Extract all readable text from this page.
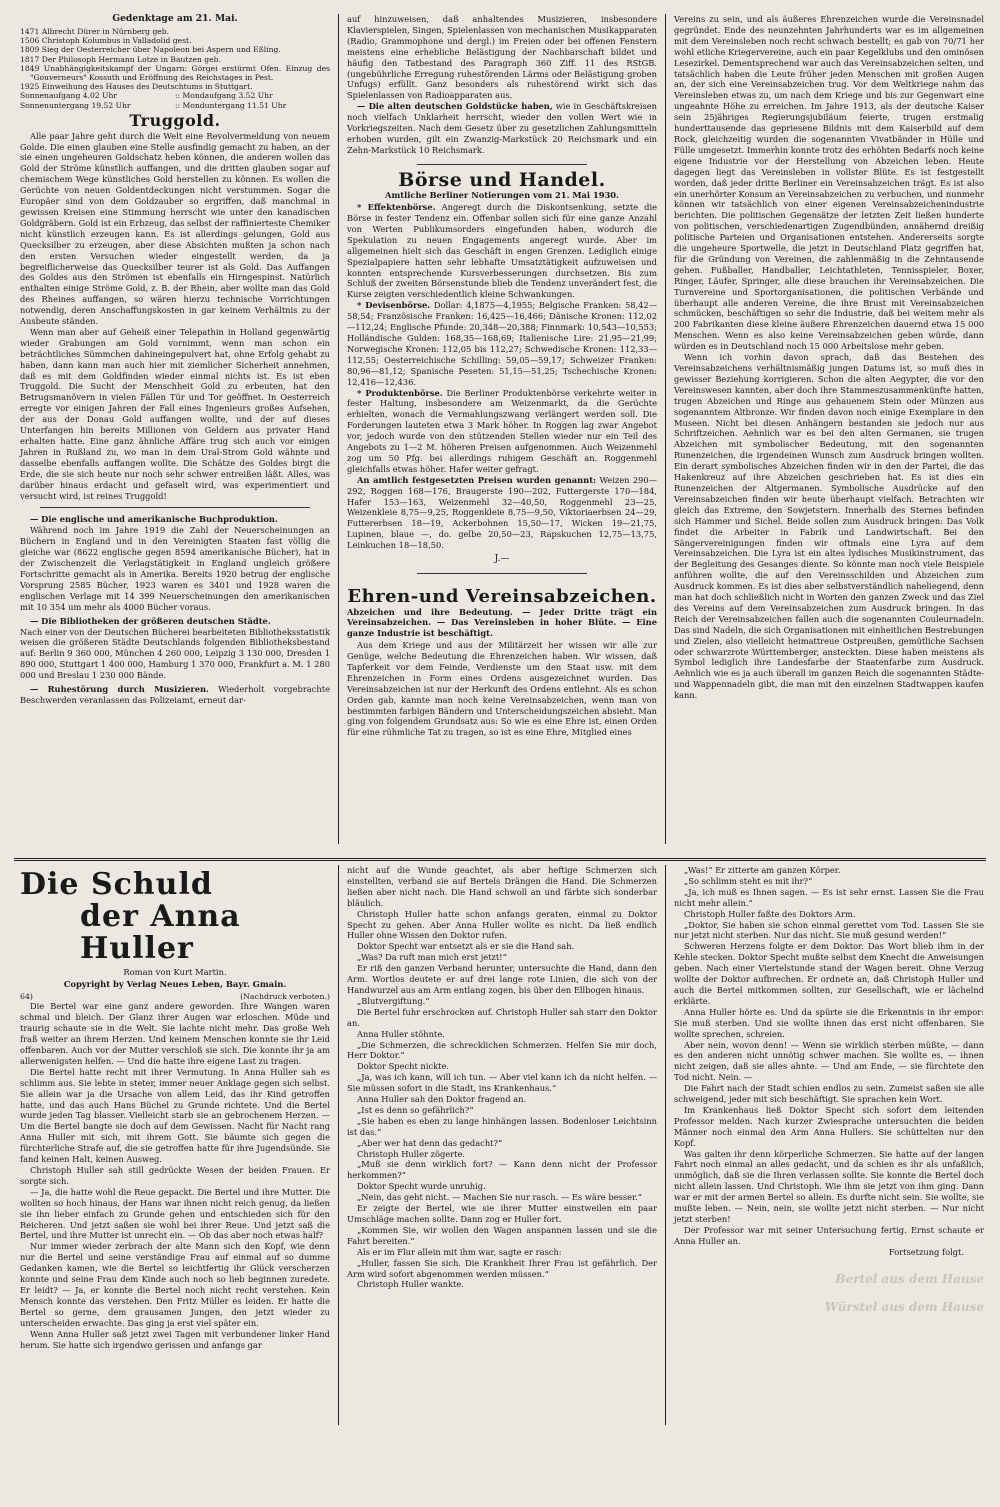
Gedenktage am 21. Mai.
1471 Albrecht Dürer in Nürnberg geb.
1506 Christoph Kolumbus in Valladolid gest.
1809 Sieg der Oesterreicher über Napoleon bei Aspern und Eßling.
1817 Der Philosoph Hermann Lotze in Bautzen geb.
1849 Unabhängigkeitskampf der Ungarn: Görgei erstürmt Ofen. Einzug des "Gouverneurs" Kossuth und Eröffnung des Reichstages in Pest.
1925 Einweihung des Hauses des Deutschtums in Stuttgart.
Sonnenaufgang 4.02 Uhr	:: Mondaufgang 3.52 Uhr
Sonnenuntergang 19.52 Uhr	:: Monduntergang 11.51 Uhr
Truggold.

Alle paar Jahre geht durch die Welt eine Revolvermeldung von neuem Golde. Die einen glauben eine Stelle ausfindig gemacht zu haben, an der sie einen ungeheuren Goldschatz heben können, die anderen wollen das Gold der Ströme künstlich auffangen, und die dritten glauben sogar auf chemischem Wege künstliches Gold herstellen zu können. Es wollen die Gerüchte von neuen Goldentdeckungen nicht verstummen. Sogar die Europäer sind von dem Goldzauber so ergriffen, daß manchmal in gewissen Kreisen eine Stimmung herrscht wie unter den kanadischen Goldgräbern. Gold ist ein Erbzeug, das selbst der raffinierteste Chemiker nicht künstlich erzeugen kann. Es ist allerdings gelungen, Gold aus Quecksilber zu erzeugen, aber diese Absichten mußten ja schon nach den ersten Versuchen wieder eingestellt werden, da ja begreiflicherweise das Quecksilber teurer ist als Gold. Das Auffangen des Goldes aus den Strömen ist ebenfalls ein Hirngespinst. Natürlich enthalten einige Ströme Gold, z. B. der Rhein, aber wollte man das Gold des Rheines auffangen, so wären hierzu technische Vorrichtungen notwendig, deren Anschaffungskosten in gar keinem Verhältnis zu der Ausbeute ständen.

Wenn man aber auf Geheiß einer Telepathin in Holland gegenwärtig wieder Grabungen am Gold vornimmt, wenn man schon ein beträchtliches Sümmchen dahineingepulvert hat, ohne Erfolg gehabt zu haben, dann kann man auch hier mit ziemlicher Sicherheit annehmen, daß es mit dem Goldfinden wieder einmal nichts ist. Es ist eben Truggold. Die Sucht der Menschheit Gold zu erbeuten, hat den Betrugsmanövern in vielen Fällen Tür und Tor geöffnet. In Oesterreich erregte vor einigen Jahren der Fall eines Ingenieurs großes Aufsehen, der aus der Donau Gold auffangen wollte, und der auf dieses Unterfangen hin bereits Millionen von Geldern aus privater Hand erhalten hatte. Eine ganz ähnliche Affäre trug sich auch vor einigen Jahren in Rußland zu, wo man in dem Ural-Strom Gold wähnte und dasselbe ebenfalls auffangen wollte. Die Schätze des Goldes birgt die Erde, die sie sich heute nur noch sehr schwer entreißen läßt. Alles, was darüber hinaus erdacht und gefaselt wird, was experimentiert und versucht wird, ist reines Truggold!

— Die englische und amerikanische Buchproduktion.

Während noch im Jahre 1919 die Zahl der Neuerscheinungen an Büchern in England und in den Vereinigten Staaten fast völlig die gleiche war (8622 englische gegen 8594 amerikanische Bücher), hat in der Zwischenzeit die Verlagstätigkeit in England ungleich größere Fortschritte gemacht als in Amerika. Bereits 1920 betrug der englische Vorsprung 2585 Bücher, 1923 waren es 3401 und 1928 waren die englischen Verlage mit 14 399 Neuerscheinungen den amerikanischen mit 10 354 um mehr als 4000 Bücher voraus.

— Die Bibliotheken der größeren deutschen Städte.

Nach einer von der Deutschen Bücherei bearbeiteten Bibliotheksstatistik weisen die größeren Städte Deutschlands folgenden Bibliotheksbestand auf: Berlin 9 360 000, München 4 260 000, Leipzig 3 130 000, Dresden 1 890 000, Stuttgart 1 400 000, Hamburg 1 370 000, Frankfurt a. M. 1 280 000 und Breslau 1 230 000 Bände.

— Ruhestörung durch Musizieren. Wiederholt vorgebrachte Beschwerden veranlassen das Polizeiamt, erneut dar-

auf hinzuweisen, daß anhaltendes Musizieren, insbesondere Klavierspielen, Singen, Spielenlassen von mechanischen Musikapparaten (Radio, Grammophone und dergl.) im Freien oder bei offenen Fenstern meistens eine erhebliche Belästigung der Nachbarschaft bildet und häufig den Tatbestand des Paragraph 360 Ziff. 11 des RStGB. (ungebührliche Erregung ruhestörenden Lärms oder Belästigung groben Unfugs) erfüllt. Ganz besonders als ruhestörend wirkt sich das Spielenlassen von Radioapparaten aus.

— Die alten deutschen Goldstücke haben, wie in Geschäftskreisen noch vielfach Unklarheit herrscht, wieder den vollen Wert wie in Vorkriegszeiten. Nach dem Gesetz über zu gesetzlichen Zahlungsmitteln erhoben wurden, gilt ein Zwanzig-Markstück 20 Reichsmark und ein Zehn-Markstück 10 Reichsmark.

Börse und Handel.
Amtliche Berliner Notierungen vom 21. Mai 1930.

* Effektenbörse. Angeregt durch die Diskontsenkung, setzte die Börse in fester Tendenz ein. Offenbar sollen sich für eine ganze Anzahl von Werten Publikumsorders eingefunden haben, wodurch die Spekulation zu neuen Engagements angeregt wurde. Aber im allgemeinen hielt sich das Geschäft in engen Grenzen. Lediglich einige Spezialpapiere hatten sehr lebhafte Umsatztätigkeit aufzuweisen und konnten entsprechende Kursverbesserungen durchsetzen. Bis zum Schluß der zweiten Börsenstunde blieb die Tendenz unverändert fest, die Kurse zeigten verschiedentlich kleine Schwankungen.

* Devisenbörse. Dollar: 4,1875—4,1955; Belgische Franken: 58,42—58,54; Französische Franken: 16,425—16,466; Dänische Kronen: 112,02—112,24; Englische Pfunde: 20,348—20,388; Finnmark: 10,543—10,553; Holländische Gulden: 168,35—168,69; Italienische Lire: 21,95—21,99; Norwegische Kronen: 112,05 bis 112,27; Schwedische Kronen: 112,33—112,55; Oesterreichische Schilling: 59,05—59,17; Schweizer Franken: 80,96—81,12; Spanische Peseten: 51,15—51,25; Tschechische Kronen: 12,416—12,436.

* Produktenbörse. Die Berliner Produktenbörse verkehrte weiter in fester Haltung, insbesondere am Weizenmarkt, da die Gerüchte erhielten, wonach die Vermahlungszwang verlängert werden soll. Die Forderungen lauteten etwa 3 Mark höher. In Roggen lag zwar Angebot vor, jedoch wurde von den stützenden Stellen wieder nur ein Teil des Angebots zu 1—2 M. höheren Preisen aufgenommen. Auch Weizenmehl zog um 50 Pfg. bei allerdings ruhigem Geschäft an. Roggenmehl gleichfalls etwas höher. Hafer weiter gefragt.

An amtlich festgesetzten Preisen wurden genannt: Weizen 290—292, Roggen 168—176, Braugerste 190—202, Futtergerste 170—184, Hafer 153—163, Weizenmehl 32—40,50, Roggenmehl 23—25, Weizenkleie 8,75—9,25, Roggenkleie 8,75—9,50, Viktoriaerbsen 24—29, Futtererbsen 18—19, Ackerbohnen 15,50—17, Wicken 19—21,75, Lupinen, blaue —, do. gelbe 20,50—23, Rapskuchen 12,75—13,75, Leinkuchen 18—18,50.

J.—
Ehren-und Vereinsabzeichen.
Abzeichen und ihre Bedeutung. — Jeder Dritte trägt ein Vereinsabzeichen. — Das Vereinsleben in hoher Blüte. — Eine ganze Industrie ist beschäftigt.

Aus dem Kriege und aus der Militärzeit her wissen wir alle zur Genüge, welche Bedeutung die Ehrenzeichen haben. Wir wissen, daß Tapferkeit vor dem Feinde, Verdienste um den Staat usw. mit dem Ehrenzeichen in Form eines Ordens ausgezeichnet wurden. Das Vereinsabzeichen ist nur der Herkunft des Ordens entlehnt. Als es schon Orden gab, kannte man noch keine Vereinsabzeichen, wenn man von bestimmten farbigen Bändern und Unterscheidungszeichen absieht. Man ging von folgendem Grundsatz aus: So wie es eine Ehre ist, einen Orden für eine rühmliche Tat zu tragen, so ist es eine Ehre, Mitglied eines

Vereins zu sein, und als äußeres Ehrenzeichen wurde die Vereinsnadel gegründet. Ende des neunzehnten Jahrhunderts war es im allgemeinen mit dem Vereinsleben noch recht schwach bestellt; es gab von 70/71 her wohl etliche Kriegervereine, auch ein paar Kegelklubs und den ominösen Lesezirkel. Dementsprechend war auch das Vereinsabzeichen selten, und tatsächlich haben die Leute früher jeden Menschen mit großen Augen an, der sich eine Vereinsabzeichen trug. Vor dem Weltkriege nahm das Vereinsleben etwas zu, um nach dem Kriege und bis zur Gegenwart eine ungeahnte Höhe zu erreichen. Im Jahre 1913, als der deutsche Kaiser sein 25jähriges Regierungsjubiläum feierte, trugen erstmalig hunderttausende das gepriesene Bildnis mit dem Kaiserbild auf dem Rock, gleichzeitig wurden die sogenannten Vivatbänder in Hülle und Fülle umgesetzt. Immerhin konnte trotz des erhöhten Bedarfs noch keine eigene Industrie vor der Herstellung von Abzeichen leben. Heute dagegen liegt das Vereinsleben in vollster Blüte. Es ist festgestellt worden, daß jeder dritte Berliner ein Vereinsabzeichen trägt. Es ist also ein unerhörter Konsum an Vereinsabzeichen zu verbuchen, und nunmehr können wir tatsächlich von einer eigenen Vereinsabzeichenindustrie berichten. Die politischen Gegensätze der letzten Zeit ließen hunderte von politischen, verschiedenartigen Zugendbünden, annähernd dreißig politische Parteien und Organisationen entstehen. Andererseits sorgte die ungeheure Sportwelle, die jetzt in Deutschland Platz gegriffen hat, für die Gründung von Vereinen, die zahlenmäßig in die Zehntausende gehen. Fußballer, Handballer, Leichtathleten, Tennisspieler, Boxer, Ringer, Läufer, Springer, alle diese brauchen ihr Vereinsabzeichen. Die Turnvereine und Sportorganisationen, die politischen Verbände und überhaupt alle anderen Vereine, die ihre Brust mit Vereinsabzeichen schmücken, beschäftigen so sehr die Industrie, daß bei weitem mehr als 200 Fabrikanten diese kleine äußere Ehrenzeichen dauernd etwa 15 000 Menschen. Wenn es also keine Vereinsabzeichen geben würde, dann würden es in Deutschland noch 15 000 Arbeitslose mehr geben.

Wenn ich vorhin davon sprach, daß das Bestehen des Vereinsabzeichens verhältnismäßig jungen Datums ist, so muß dies in gewisser Beziehung korrigieren. Schon die alten Aegypter, die vor den Vereinswesen kannten, aber doch ihre Stammeszusammenkünfte hatten, trugen Abzeichen und Ringe aus gehauenem Stein oder Münzen aus sogenanntem Altbronze. Wir finden davon noch einige Exemplare in den Museen. Nicht bei diesen Anhängern bestanden sie jedoch nur aus Schriftzeichen. Aehnlich war es bei den alten Germanen, sie trugen Abzeichen mit symbolischer Bedeutung, mit den sogenannten Runenzeichen, die irgendeinen Wunsch zum Ausdruck bringen wollten. Ein derart symbolisches Abzeichen finden wir in den der Partei, die das Hakenkreuz auf ihre Abzeichen geschrieben hat. Es ist dies ein Runenzeichen der Altgermanen. Symbolische Ausdrücke auf den Vereinsabzeichen finden wir heute überhaupt vielfach. Betrachten wir gleich das Extreme, den Sowjetstern. Innerhalb des Sternes befinden sich Hammer und Sichel. Beide sollen zum Ausdruck bringen: Das Volk findet die Arbeiter in Fabrik und Landwirtschaft. Bei den Sängervereinigungen finden wir oftmals eine Lyra auf dem Vereinsabzeichen. Die Lyra ist ein altes lydisches Musikinstrument, das der Begleitung des Gesanges diente. So könnte man noch viele Beispiele anführen wollte, die auf den Vereinsschilden und Abzeichen zum Ausdruck kommen. Es ist dies aber selbstverständlich naheliegend, denn man hat doch schließlich nicht in Worten den ganzen Zweck und das Ziel des Vereins auf dem Vereinsabzeichen zum Ausdruck bringen. In das Reich der Vereinsabzeichen fallen auch die sogenannten Couleurnadeln. Das sind Nadeln, die sich Organisationen mit einheitlichen Bestrebungen und Zielen, also vielleicht heimattreue Ostpreußen, gemütliche Sachsen oder schwarzrote Württemberger, ansteckten. Diese haben meistens als Symbol lediglich ihre Landesfarbe der Staatenfarbe zum Ausdruck. Aehnlich wie es ja auch überall im ganzen Reich die sogenannten Städte- und Wappennadeln gibt, die man mit den einzelnen Stadtwappen kaufen kann.

Die Schuld
der Anna Huller
Roman von Kurt Martin.
Copyright by Verlag Neues Leben, Bayr. Gmain.
64)	(Nachdruck verboten.)

Die Bertel war eine ganz andere geworden. Ihre Wangen waren schmal und bleich. Der Glanz ihrer Augen war erloschen. Müde und traurig schaute sie in die Welt. Sie lachte nicht mehr. Das große Weh fraß weiter an ihrem Herzen. Und keinem Menschen konnte sie ihr Leid offenbaren. Auch vor der Mutter verschloß sie sich. Die konnte ihr ja am allerwenigsten helfen. — Und die hatte ihre eigene Last zu tragen.

Die Bertel hatte recht mit ihrer Vermutung. In Anna Huller sah es schlimm aus. Sie lebte in steter, immer neuer Anklage gegen sich selbst. Sie allein war ja die Ursache von allem Leid, das ihr Kind getroffen hatte, und das auch Hans Büchel zu Grunde richtete. Und die Bertel wurde jeden Tag blasser. Vielleicht starb sie an gebrochenem Herzen. — Um die Bertel bangte sie doch auf dem Gewissen. Nacht für Nacht rang Anna Huller mit sich, mit ihrem Gott. Sie bäumte sich gegen die fürchterliche Strafe auf, die sie getroffen hatte für ihre Jugendsünde. Sie fand keinen Halt, keinen Ausweg.

Christoph Huller sah still gedrückte Wesen der beiden Frauen. Er sorgte sich.

— Ja, die hatte wohl die Reue gepackt. Die Bertel und ihre Mutter. Die wollten so hoch hinaus, der Hans war ihnen nicht reich genug, da ließen sie ihn lieber einfach zu Grunde gehen und entschieden sich für den Reicheren. Und jetzt saßen sie wohl bei ihrer Reue. Und jetzt saß die Bertel, und ihre Mutter ist unrecht ein. — Ob das aber noch etwas half?

Nur immer wieder zerbrach der alte Mann sich den Kopf, wie denn nur die Bertel und seine verständige Frau auf einmal auf so dumme Gedanken kamen, wie die Bertel so leichtfertig ihr Glück verscherzen konnte und seine Frau dem Kinde auch noch so lieb beginnen zuredete. Er leidt? — Ja, er konnte die Bertel noch nicht recht verstehen. Kein Mensch konnte das verstehen. Den Fritz Müller es leiden. Er hatte die Bertel so gerne, dem grausamen Jungen, den jetzt wieder zu unterscheiden erwachte. Das ging ja erst viel später ein.

Wenn Anna Huller saß jetzt zwei Tagen mit verbundener linker Hand herum. Sie hatte sich irgendwo gerissen und anfangs gar

nicht auf die Wunde geachtet, als aber heftige Schmerzen sich einstellten, verband sie auf Bertels Drängen die Hand. Die Schmerzen ließen aber nicht nach. Die Hand schwoll an und färbte sich sonderbar bläulich.

Christoph Huller hatte schon anfangs geraten, einmal zu Doktor Specht zu gehen. Aber Anna Huller wollte es nicht. Da ließ endlich Huller ohne Wissen den Doktor rufen.

Doktor Specht war entsetzt als er sie die Hand sah.

„Was? Da ruft man mich erst jetzt!“

Er riß den ganzen Verband herunter, untersuchte die Hand, dann den Arm. Wortlos deutete er auf drei lange rote Linien, die sich von der Handwurzel aus am Arm entlang zogen, bis über den Ellbogen hinaus.

„Blutvergiftung.“

Die Bertel fuhr erschrocken auf. Christoph Huller sah starr den Doktor an.

Anna Huller stöhnte.

„Die Schmerzen, die schrecklichen Schmerzen. Helfen Sie mir doch, Herr Doktor.“

Doktor Specht nickte.

„Ja, was ich kann, will ich tun. — Aber viel kann ich da nicht helfen. — Sie müssen sofort in die Stadt, ins Krankenhaus.“

Anna Huller sah den Doktor fragend an.

„Ist es denn so gefährlich?“

„Sie haben es eben zu lange hinhängen lassen. Bodenloser Leichtsinn ist das.“

„Aber wer hat denn das gedacht?“

Christoph Huller zögerte.

„Muß sie denn wirklich fort? — Kann denn nicht der Professor herkommen?“

Doktor Specht wurde unruhig.

„Nein, das geht nicht. — Machen Sie nur rasch. — Es wäre besser.“

Er zeigte der Bertel, wie sie ihrer Mutter einstweilen ein paar Umschläge machen sollte. Dann zog er Huller fort.

„Kommen Sie, wir wollen den Wagen anspannen lassen und sie die Fahrt bereiten.“

Als er im Flur allein mit ihm war, sagte er rasch:

„Huller, fassen Sie sich. Die Krankheit Ihrer Frau ist gefährlich. Der Arm wird sofort abgenommen werden müssen.“

Christoph Huller wankte.

„Was!“ Er zitterte am ganzen Körper.

„So schlimm steht es mit ihr?“

„Ja, ich muß es Ihnen sagen. — Es ist sehr ernst. Lassen Sie die Frau nicht mehr allein.“

Christoph Huller faßte des Doktors Arm.

„Doktor, Sie haben sie schon einmal gerettet vom Tod. Lassen Sie sie nur jetzt nicht sterben. Nur das nicht. Sie muß gesund werden!“

Schweren Herzens folgte er dem Doktor. Das Wort blieb ihm in der Kehle stecken. Doktor Specht mußte selbst dem Knecht die Anweisungen geben. Nach einer Viertelstunde stand der Wagen bereit. Ohne Verzug wollte der Doktor aufbrechen. Er ordnete an, daß Christoph Huller und auch die Bertel mitkommen sollten, zur Gesellschaft, wie er lächelnd erklärte.

Anna Huller hörte es. Und da spürte sie die Erkenntnis in ihr empor: Sie muß sterben. Und sie wollte ihnen das erst nicht offenbaren. Sie wollte sprechen, schreien.

Aber nein, wovon denn! — Wenn sie wirklich sterben müßte, — dann es den anderen nicht unnötig schwer machen. Sie wollte es, — ihnen nicht zeigen, daß sie alles ahnte. — Und am Ende, — sie fürchtete den Tod nicht. Nein. —

Die Fahrt nach der Stadt schien endlos zu sein. Zumeist saßen sie alle schweigend, jeder mit sich beschäftigt. Sie sprachen kein Wort.

Im Krankenhaus ließ Doktor Specht sich sofort dem leitenden Professor melden. Nach kurzer Zwiesprache untersuchten die beiden Männer noch einmal den Arm Anna Hullers. Sie schüttelten nur den Kopf.

Was galten ihr denn körperliche Schmerzen. Sie hatte auf der langen Fahrt noch einmal an alles gedacht, und da schien es ihr als unfaßlich, unmöglich, daß sie die Ihren verlassen sollte. Sie konnte die Bertel doch nicht allein lassen. Und Christoph. Wie ihm sie jetzt von ihm ging. Dann war er mit der armen Bertel so allein. Es durfte nicht sein. Sie wollte, sie mußte leben. — Nein, nein, sie wollte jetzt nicht sterben. — Nur nicht jetzt sterben!

Der Professor war mit seiner Untersuchung fertig. Ernst schaute er Anna Huller an.

Fortsetzung folgt.
Bertel aus dem Hause
Würstel aus dem Hause
